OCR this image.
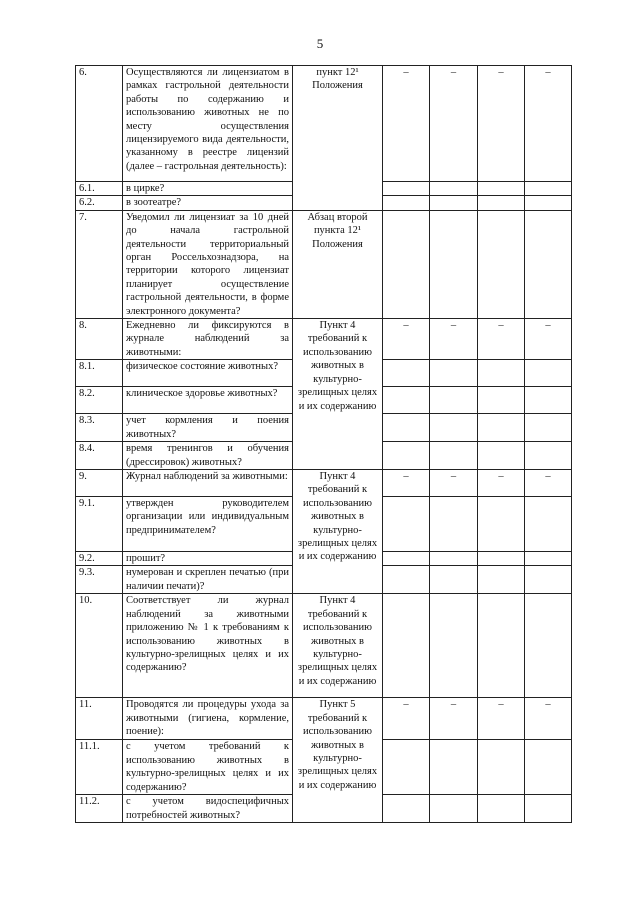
5
6.	Осуществляются ли лицензиатом в рамках гастрольной деятельности работы по содержанию и использованию животных не по месту осуществления лицензируемого вида деятельности, указанному в реестре лицензий (далее – гастрольная деятельность):	пункт 12¹ Положения	–	–	–	–
6.1.	в цирке?					
6.2.	в зоотеатре?					
7.	Уведомил ли лицензиат за 10 дней до начала гастрольной деятельности территориальный орган Россельхознадзора, на территории которого лицензиат планирует осуществление гастрольной деятельности, в форме электронного документа?	Абзац второй пункта 12¹ Положения				
8.	Ежедневно ли фиксируются в журнале наблюдений за животными:	Пункт 4 требований к использованию животных в культурно-зрелищных целях и их содержанию	–	–	–	–
8.1.	физическое состояние животных?					
8.2.	клиническое здоровье животных?					
8.3.	учет кормления и поения животных?					
8.4.	время тренингов и обучения (дрессировок) животных?					
9.	Журнал наблюдений за животными:	Пункт 4 требований к использованию животных в культурно-зрелищных целях и их содержанию	–	–	–	–
9.1.	утвержден руководителем организации или индивидуальным предпринимателем?					
9.2.	прошит?					
9.3.	нумерован и скреплен печатью (при наличии печати)?					
10.	Соответствует ли журнал наблюдений за животными приложению № 1 к требованиям к использованию животных в культурно-зрелищных целях и их содержанию?	Пункт 4 требований к использованию животных в культурно-зрелищных целях и их содержанию				
11.	Проводятся ли процедуры ухода за животными (гигиена, кормление, поение):	Пункт 5 требований к использованию животных в культурно-зрелищных целях и их содержанию	–	–	–	–
11.1.	с учетом требований к использованию животных в культурно-зрелищных целях и их содержанию?					
11.2.	с учетом видоспецифичных потребностей животных?					
